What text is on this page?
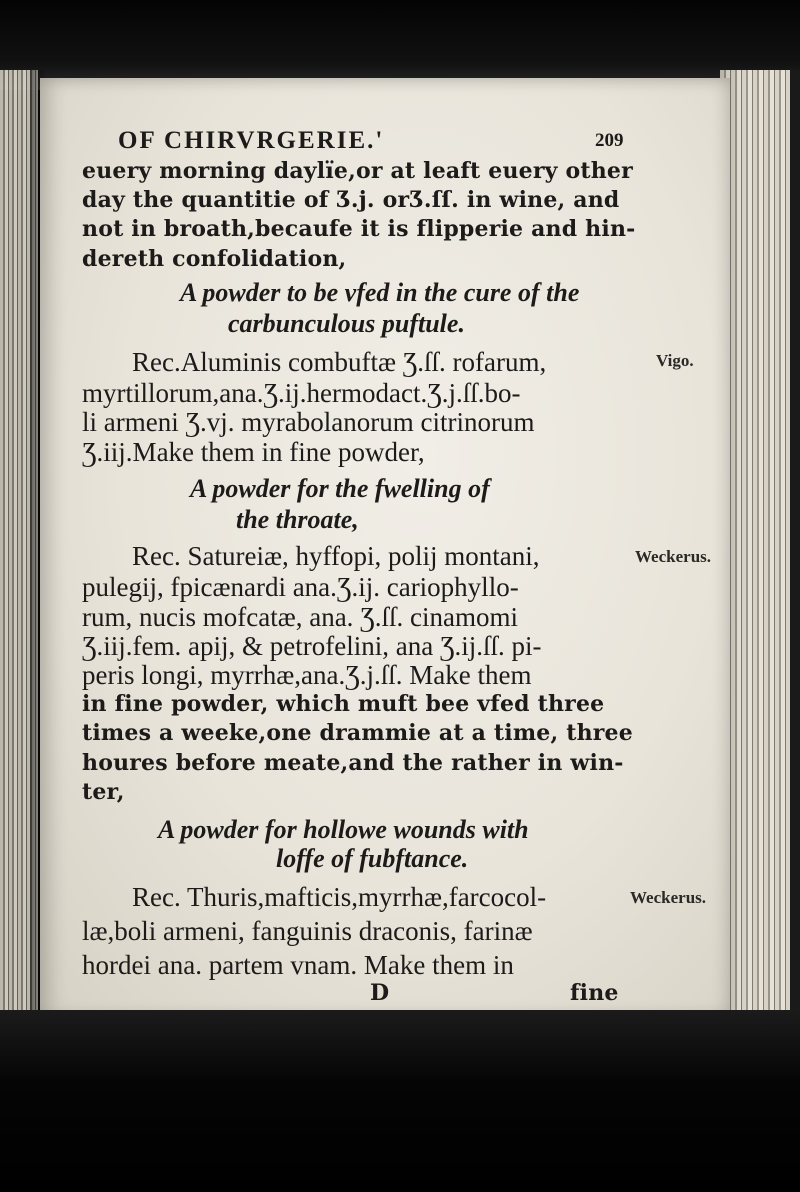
OF CHIRVRGERIE.'	209
euery morning daylïe,or at leaft euery other
day the quantitie of Ʒ.j. orƷ.ſſ. in wine, and
not in broath,becaufe it is flipperie and hin-
dereth confolidation,
A powder to be vfed in the cure of the
carbunculous puftule.
Rec.Aluminis combuftæ Ʒ.ſſ. rofarum,	Vigo.
myrtillorum,ana.Ʒ.ij.hermodact.Ʒ.j.ſſ.bo-
li armeni Ʒ.vj. myrabolanorum citrinorum
Ʒ.iij.Make them in fine powder,
A powder for the fwelling of
the throate,
Rec. Satureiæ, hyffopi, polij montani,	Weckerus.
pulegij, fpicænardi ana.Ʒ.ij. cariophyllo-
rum, nucis mofcatæ, ana. Ʒ.ſſ. cinamomi
Ʒ.iij.fem. apij, & petrofelini, ana Ʒ.ij.ſſ. pi-
peris longi, myrrhæ,ana.Ʒ.j.ſſ. Make them
in fine powder, which muft bee vfed three
times a weeke,one drammie at a time, three
houres before meate,and the rather in win-
ter,
A powder for hollowe wounds with
loffe of fubftance.
Rec. Thuris,mafticis,myrrhæ,farcocol-	Weckerus.
læ,boli armeni, fanguinis draconis, farinæ
hordei ana. partem vnam. Make them in
D	fine
